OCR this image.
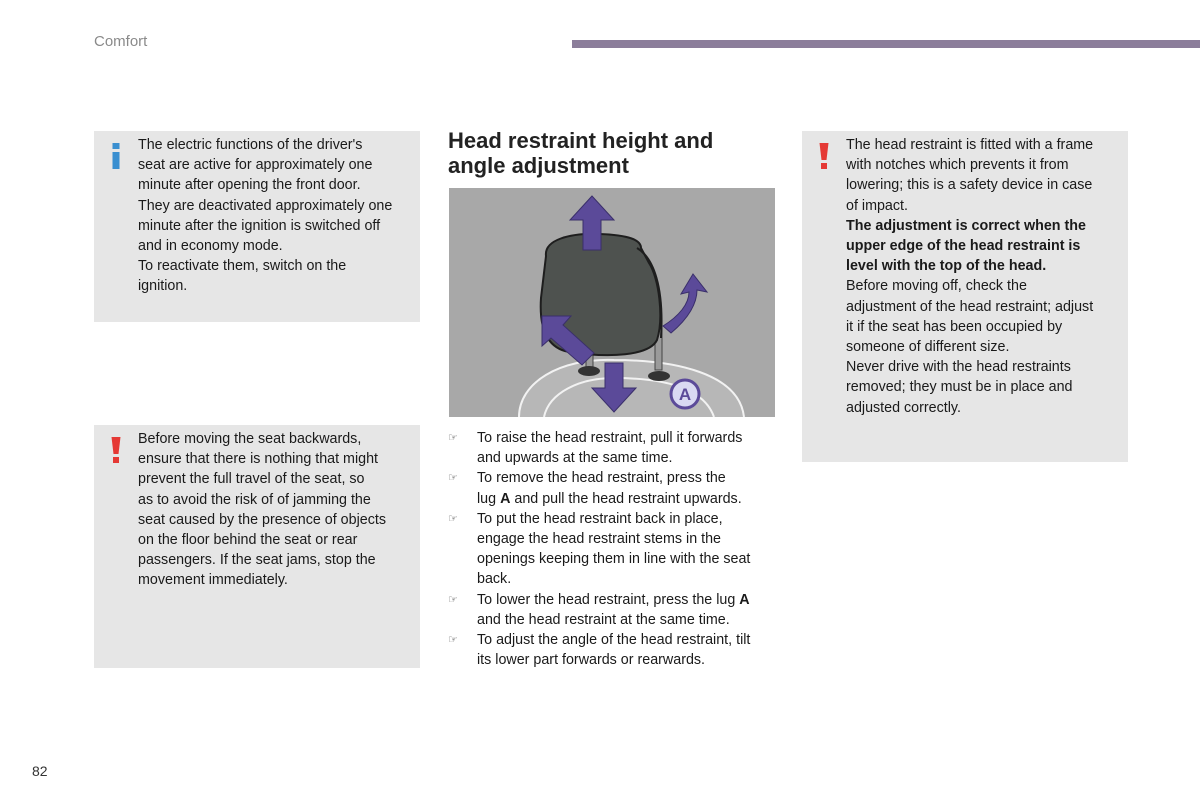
Comfort

The electric functions of the driver's

seat are active for approximately one

minute after opening the front door.

They are deactivated approximately one

minute after the ignition is switched off

and in economy mode.

To reactivate them, switch on the

ignition.

Before moving the seat backwards,

ensure that there is nothing that might

prevent the full travel of the seat, so

as to avoid the risk of of jamming the

seat caused by the presence of objects

on the floor behind the seat or rear

passengers. If the seat jams, stop the

movement immediately.

Head restraint height and
angle adjustment
A
☞ To raise the head restraint, pull it forwards
and upwards at the same time.
☞ To remove the head restraint, press the
lug A and pull the head restraint upwards.
☞ To put the head restraint back in place,
engage the head restraint stems in the
openings keeping them in line with the seat
back.
☞ To lower the head restraint, press the lug A
and the head restraint at the same time.
☞ To adjust the angle of the head restraint, tilt
its lower part forwards or rearwards.

The head restraint is fitted with a frame

with notches which prevents it from

lowering; this is a safety device in case

of impact.

The adjustment is correct when the

upper edge of the head restraint is

level with the top of the head.

Before moving off, check the

adjustment of the head restraint; adjust

it if the seat has been occupied by

someone of different size.

Never drive with the head restraints

removed; they must be in place and

adjusted correctly.

82
